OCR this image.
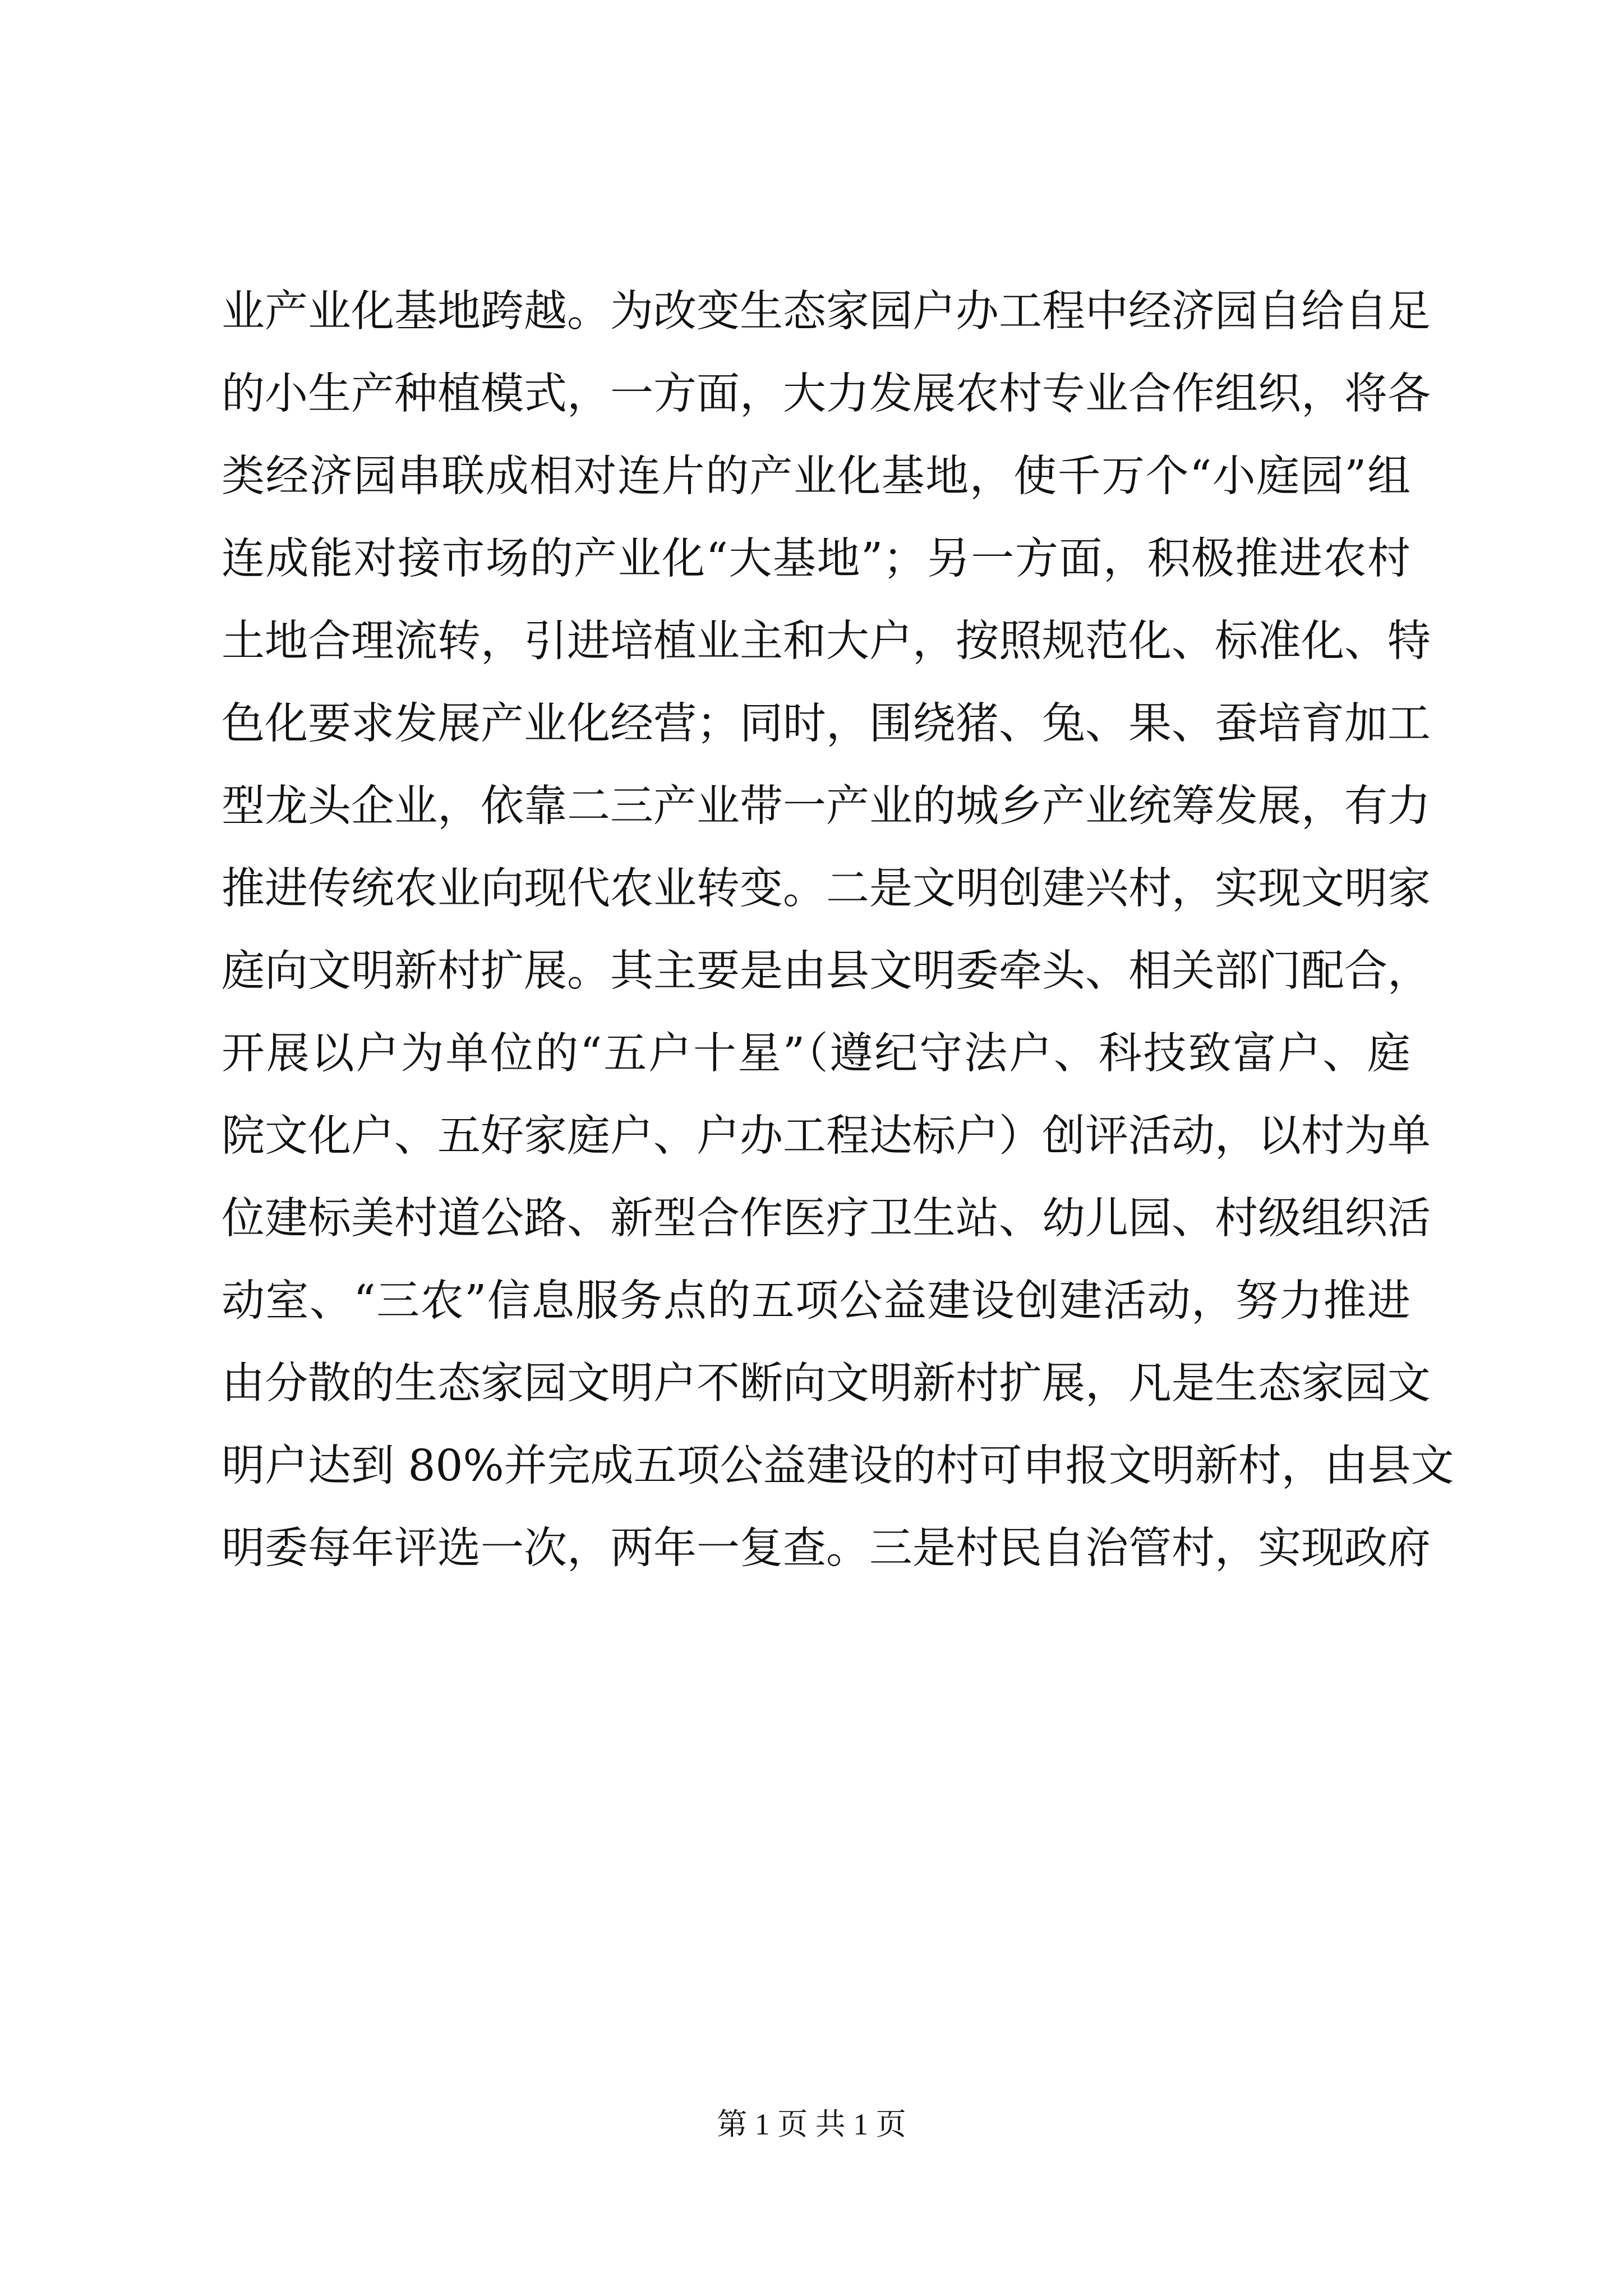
业产业化基地跨越。为改变生态家园户办工程中经济园自给自足
的小生产种植模式，一方面，大力发展农村专业合作组织，将各
类经济园串联成相对连片的产业化基地，使千万个“小庭园”组
连成能对接市场的产业化“大基地”；另一方面，积极推进农村
土地合理流转，引进培植业主和大户，按照规范化、标准化、特
色化要求发展产业化经营；同时，围绕猪、兔、果、蚕培育加工
型龙头企业，依靠二三产业带一产业的城乡产业统筹发展，有力
推进传统农业向现代农业转变。二是文明创建兴村，实现文明家
庭向文明新村扩展。其主要是由县文明委牵头、相关部门配合，
开展以户为单位的“五户十星”（遵纪守法户、科技致富户、庭
院文化户、五好家庭户、户办工程达标户）创评活动，以村为单
位建标美村道公路、新型合作医疗卫生站、幼儿园、村级组织活
动室、“三农”信息服务点的五项公益建设创建活动，努力推进
由分散的生态家园文明户不断向文明新村扩展，凡是生态家园文
明户达到 80%并完成五项公益建设的村可申报文明新村，由县文
明委每年评选一次，两年一复查。三是村民自治管村，实现政府
第 1 页 共 1 页
